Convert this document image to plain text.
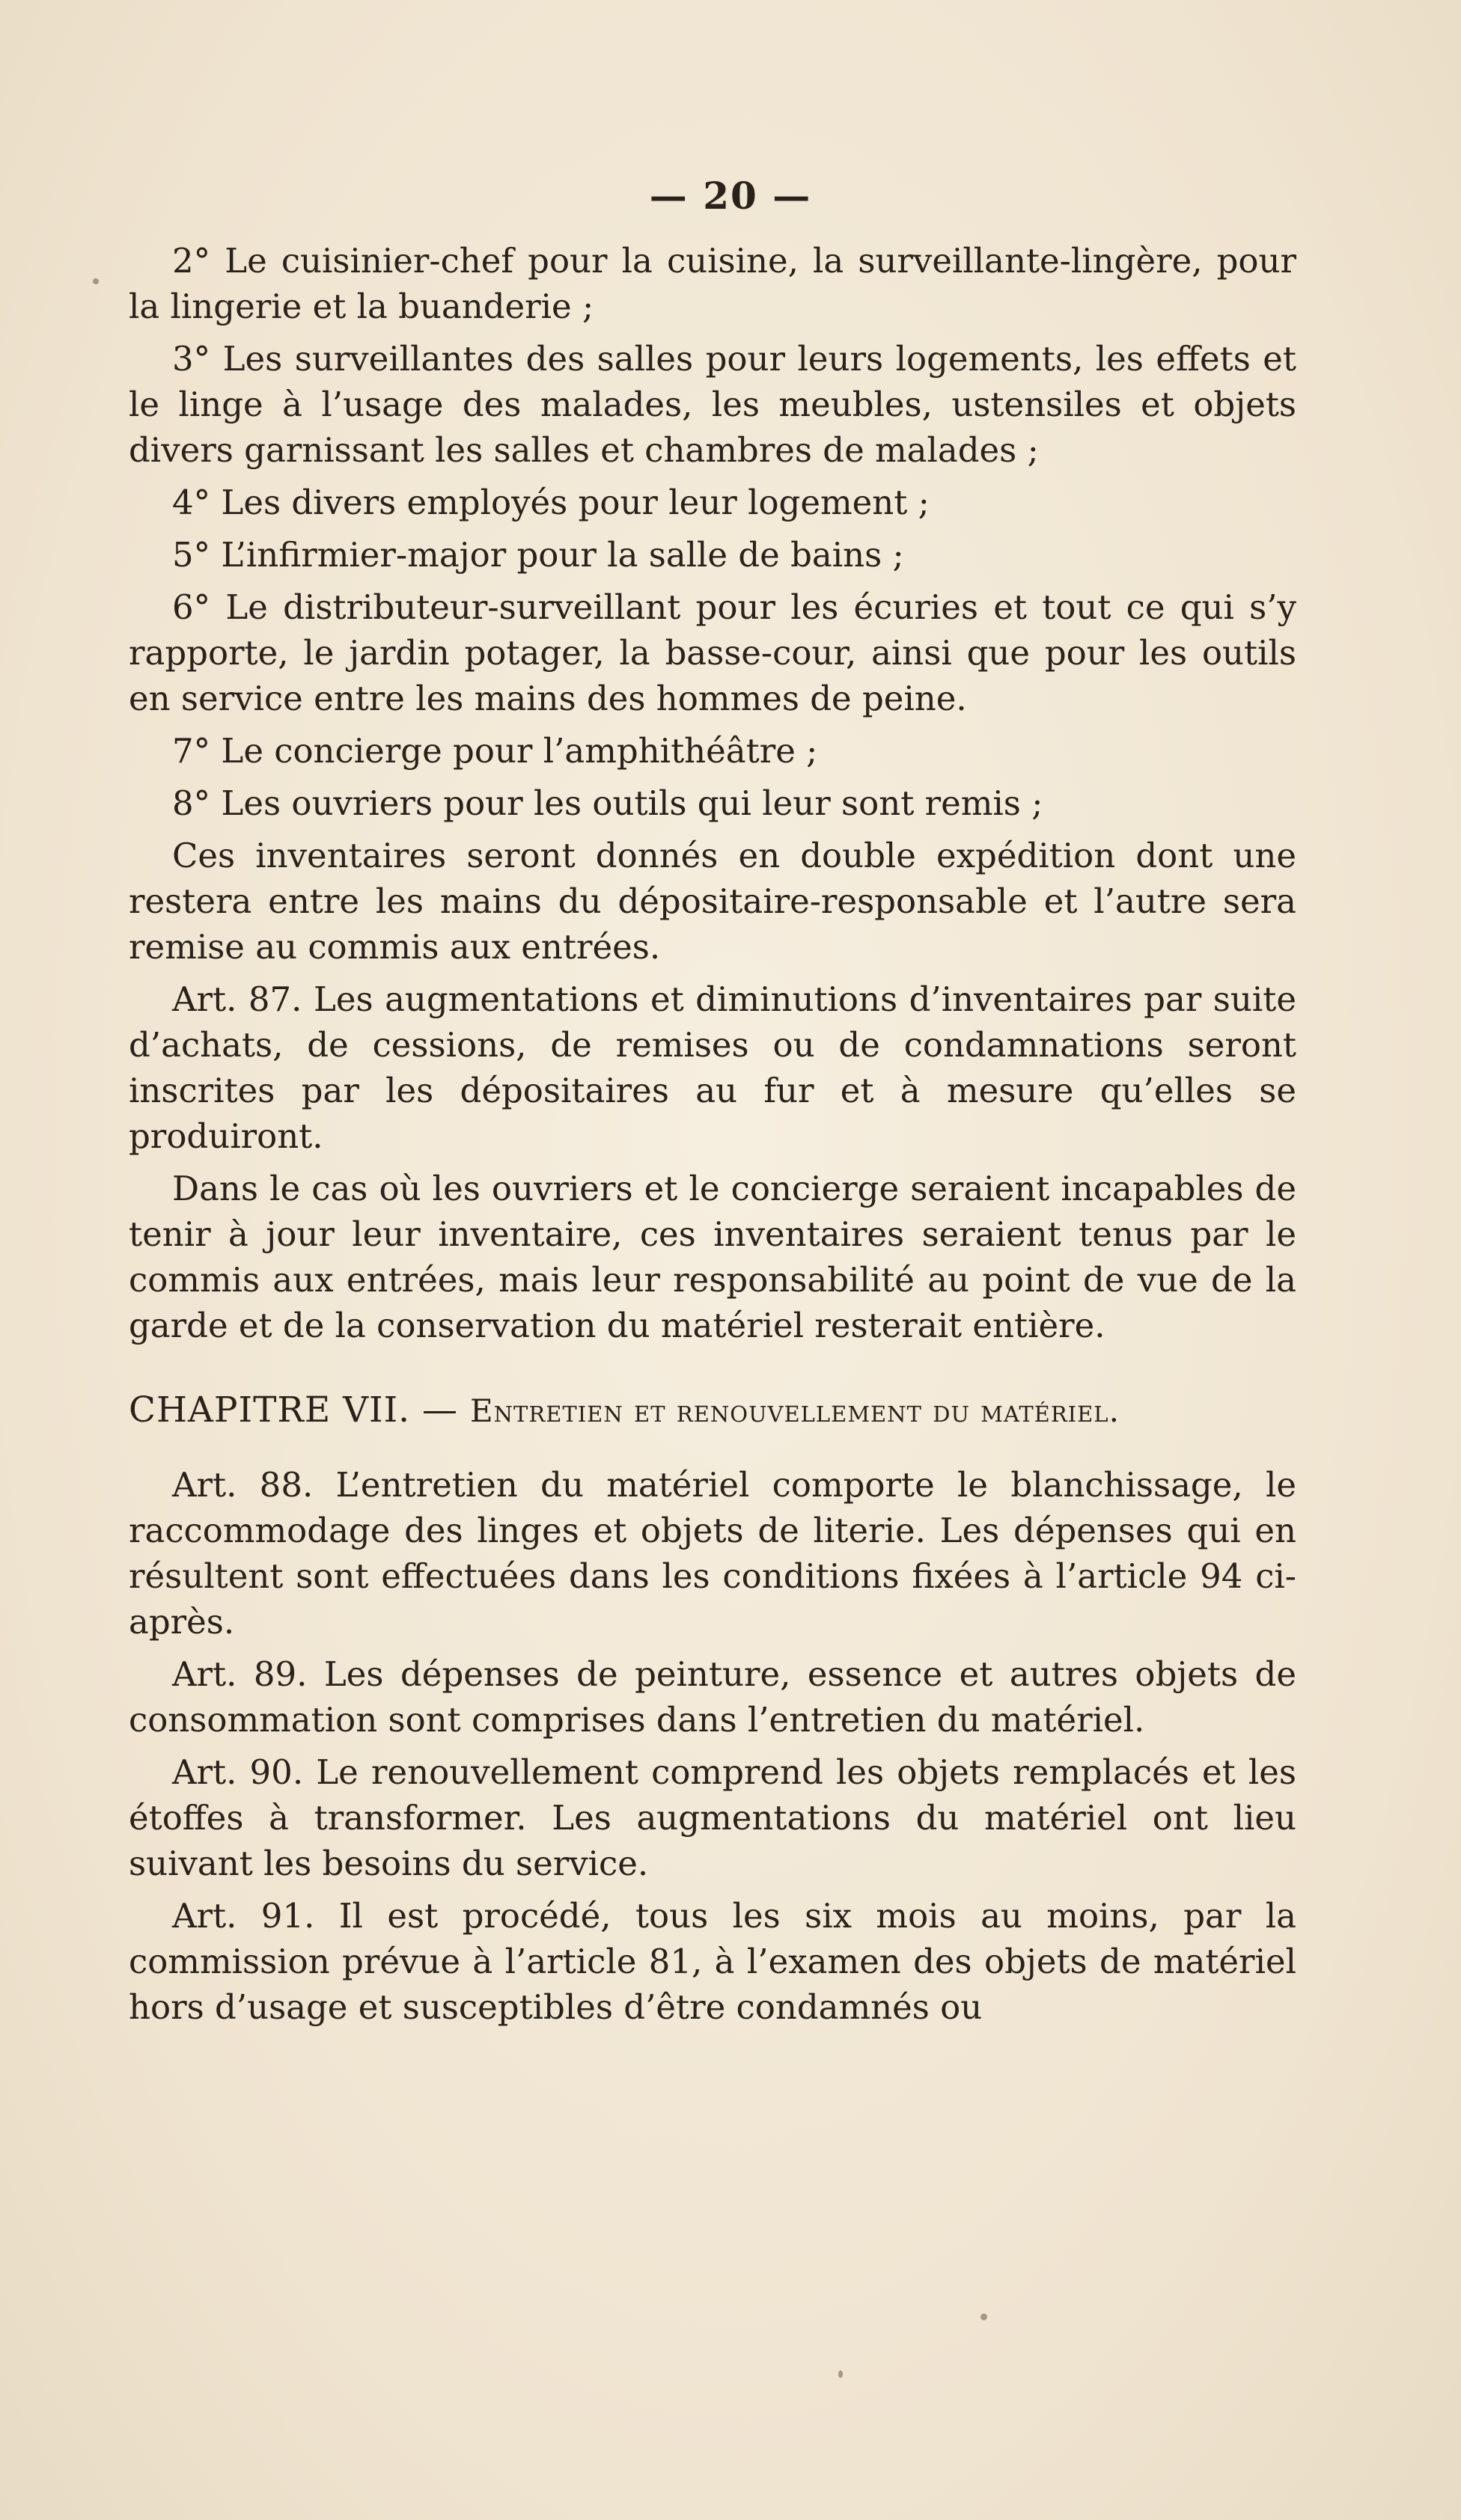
— 20 —

2° Le cuisinier-chef pour la cuisine, la surveillante-lingère, pour la lingerie et la buanderie ;

3° Les surveillantes des salles pour leurs logements, les effets et le linge à l’usage des malades, les meubles, ustensiles et objets divers garnissant les salles et chambres de malades ;

4° Les divers employés pour leur logement ;

5° L’infirmier-major pour la salle de bains ;

6° Le distributeur-surveillant pour les écuries et tout ce qui s’y rapporte, le jardin potager, la basse-cour, ainsi que pour les outils en service entre les mains des hommes de peine.

7° Le concierge pour l’amphithéâtre ;

8° Les ouvriers pour les outils qui leur sont remis ;

Ces inventaires seront donnés en double expédition dont une restera entre les mains du dépositaire-responsable et l’autre sera remise au commis aux entrées.

Art. 87. Les augmentations et diminutions d’inventaires par suite d’achats, de cessions, de remises ou de condamnations seront inscrites par les dépositaires au fur et à mesure qu’elles se produiront.

Dans le cas où les ouvriers et le concierge seraient incapables de tenir à jour leur inventaire, ces inventaires seraient tenus par le commis aux entrées, mais leur responsabilité au point de vue de la garde et de la conservation du matériel resterait entière.

CHAPITRE VII. — Entretien et renouvellement du matériel.

Art. 88. L’entretien du matériel comporte le blanchissage, le raccommodage des linges et objets de literie. Les dépenses qui en résultent sont effectuées dans les conditions fixées à l’article 94 ci-après.

Art. 89. Les dépenses de peinture, essence et autres objets de consommation sont comprises dans l’entretien du matériel.

Art. 90. Le renouvellement comprend les objets remplacés et les étoffes à transformer. Les augmentations du matériel ont lieu suivant les besoins du service.

Art. 91. Il est procédé, tous les six mois au moins, par la commission prévue à l’article 81, à l’examen des objets de matériel hors d’usage et susceptibles d’être condamnés ou
